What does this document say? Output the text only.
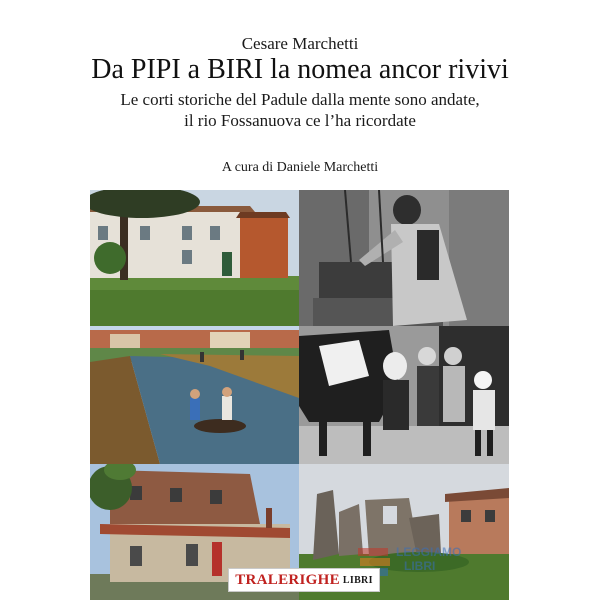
Cesare Marchetti
Da PIPI a BIRI la nomea ancor rivivi
Le corti storiche del Padule dalla mente sono andate,
il rio Fossanuova ce l’ha ricordate
A cura di Daniele Marchetti
LEGGIAMO
LIBRI
TRALERIGHE LIBRI
